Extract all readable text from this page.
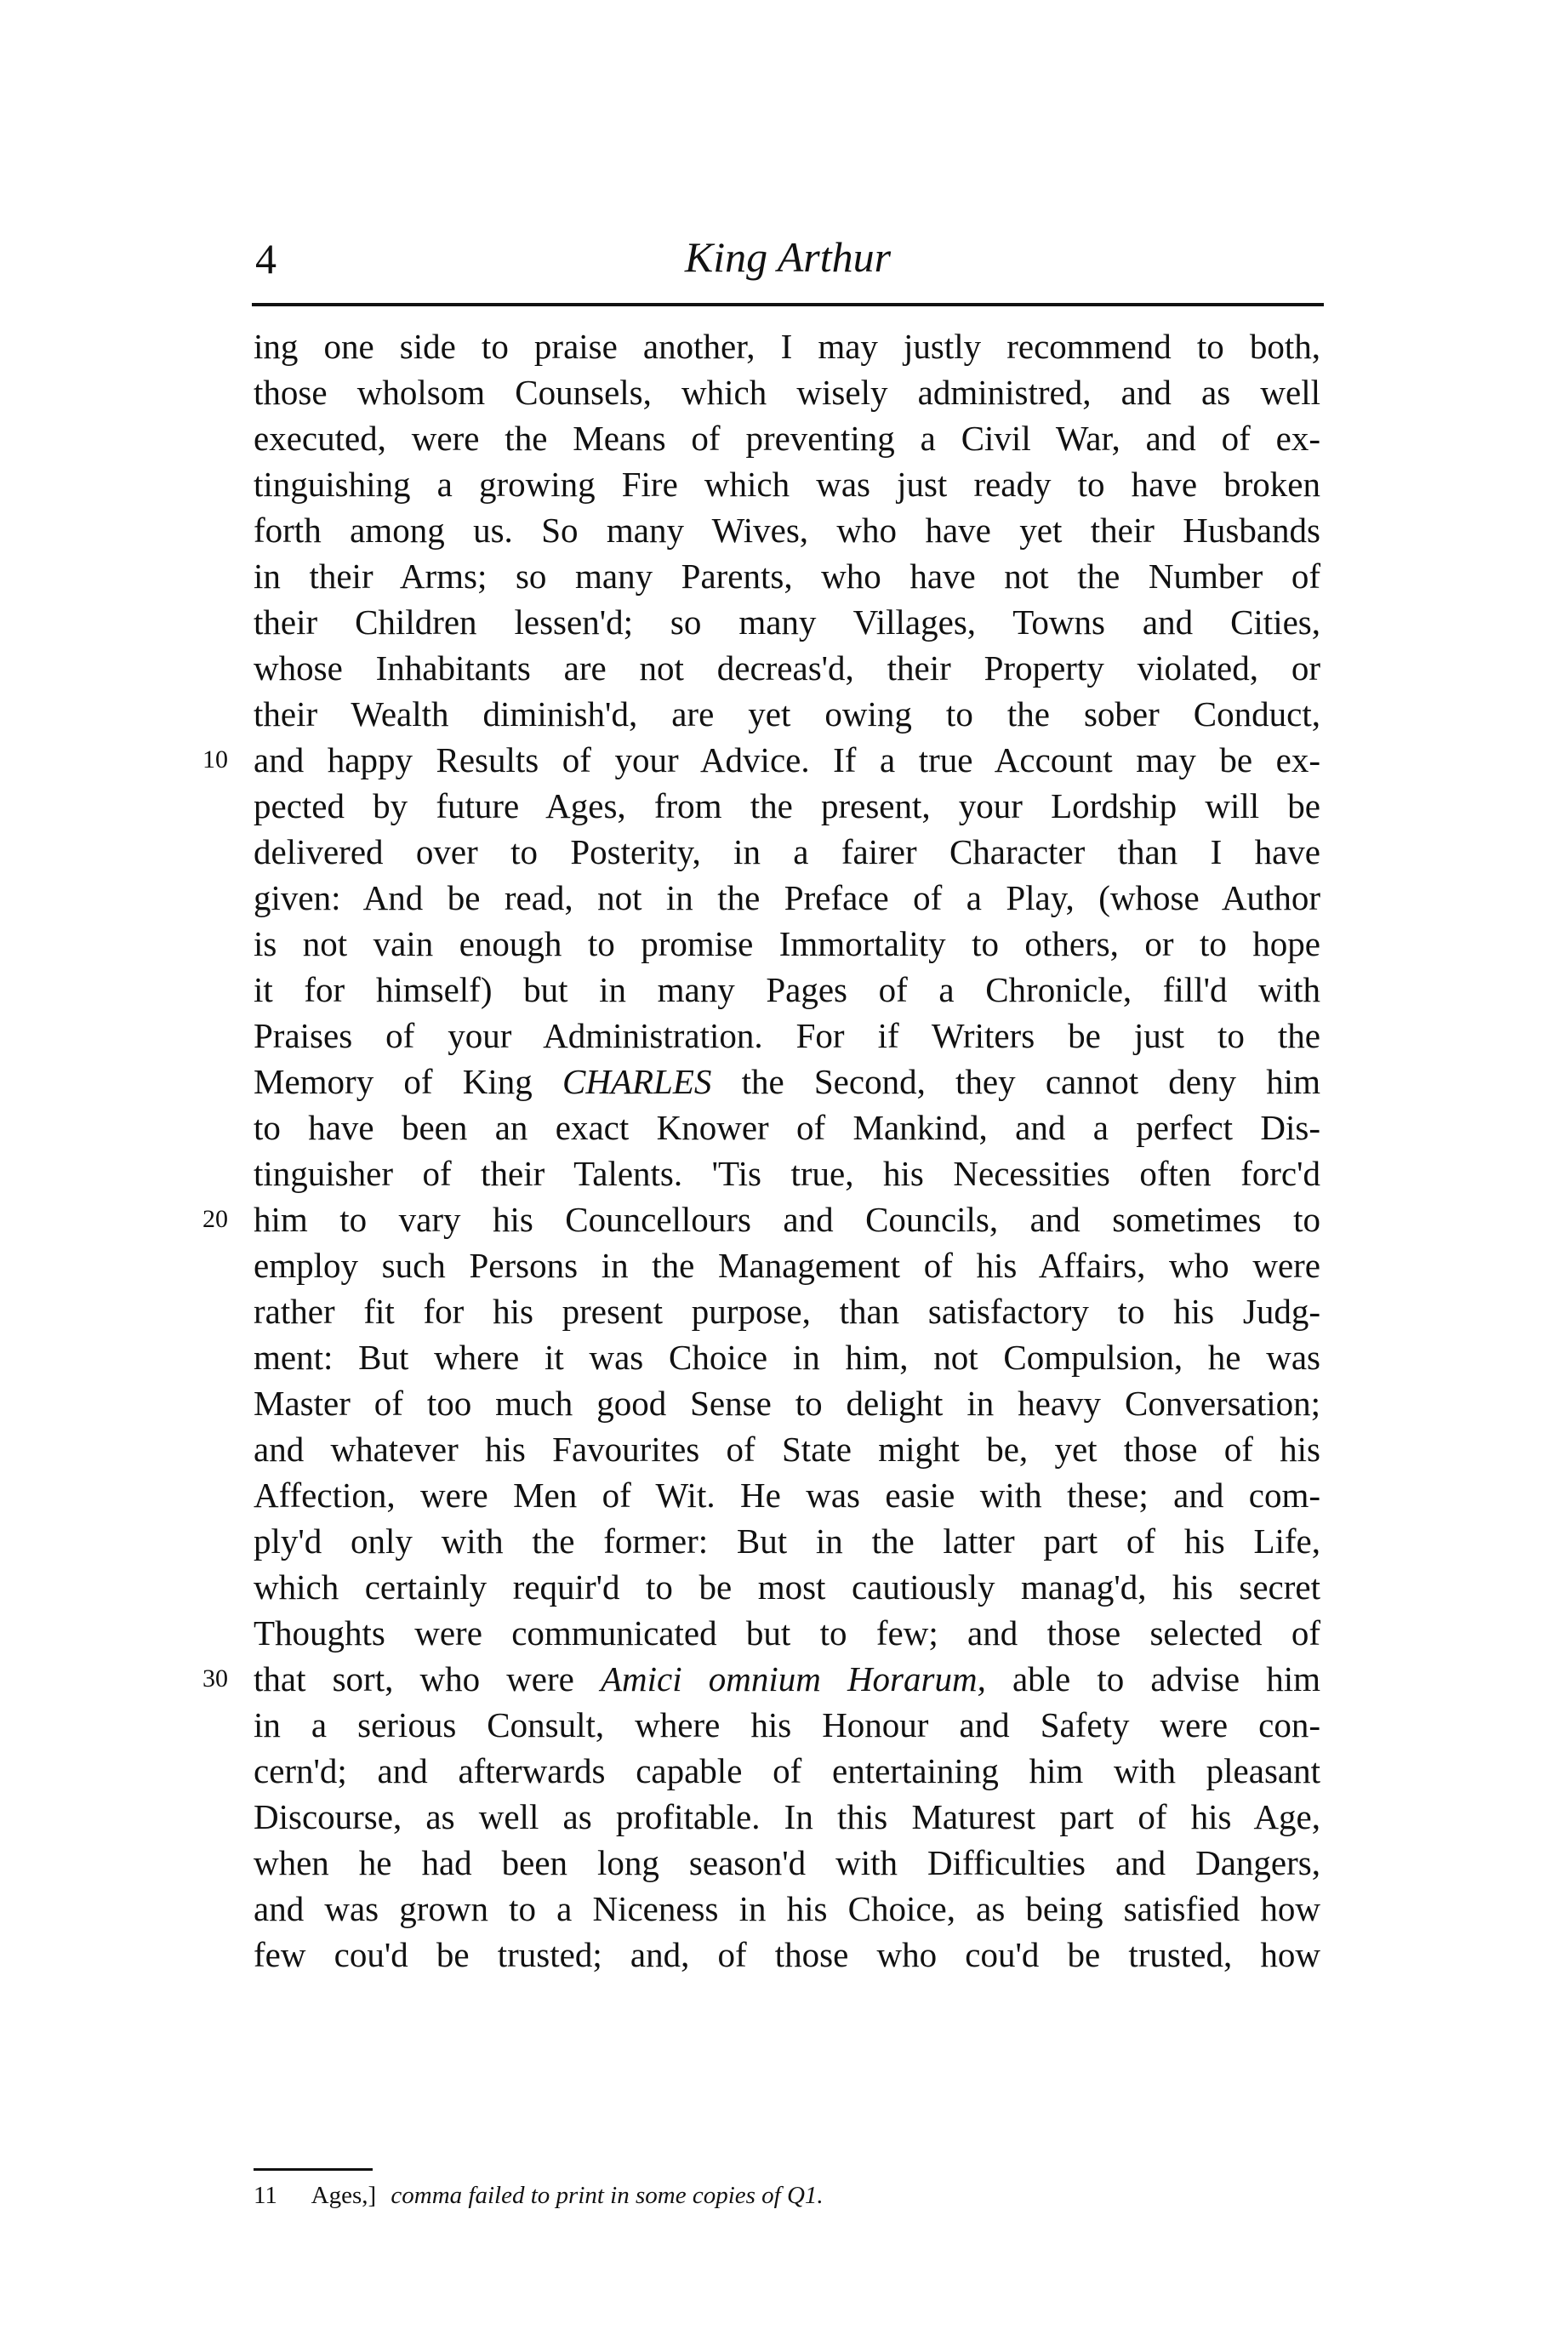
4	King Arthur
ing one side to praise another, I may justly recommend to both,
those wholsom Counsels, which wisely administred, and as well
executed, were the Means of preventing a Civil War, and of ex-
tinguishing a growing Fire which was just ready to have broken
forth among us. So many Wives, who have yet their Husbands
in their Arms; so many Parents, who have not the Number of
their Children lessen'd; so many Villages, Towns and Cities,
whose Inhabitants are not decreas'd, their Property violated, or
their Wealth diminish'd, are yet owing to the sober Conduct,
10 and happy Results of your Advice. If a true Account may be ex-
pected by future Ages, from the present, your Lordship will be
delivered over to Posterity, in a fairer Character than I have
given: And be read, not in the Preface of a Play, (whose Author
is not vain enough to promise Immortality to others, or to hope
it for himself) but in many Pages of a Chronicle, fill'd with
Praises of your Administration. For if Writers be just to the
Memory of King CHARLES the Second, they cannot deny him
to have been an exact Knower of Mankind, and a perfect Dis-
tinguisher of their Talents. 'Tis true, his Necessities often forc'd
20 him to vary his Councellours and Councils, and sometimes to
employ such Persons in the Management of his Affairs, who were
rather fit for his present purpose, than satisfactory to his Judg-
ment: But where it was Choice in him, not Compulsion, he was
Master of too much good Sense to delight in heavy Conversation;
and whatever his Favourites of State might be, yet those of his
Affection, were Men of Wit. He was easie with these; and com-
ply'd only with the former: But in the latter part of his Life,
which certainly requir'd to be most cautiously manag'd, his secret
Thoughts were communicated but to few; and those selected of
30 that sort, who were Amici omnium Horarum, able to advise him
in a serious Consult, where his Honour and Safety were con-
cern'd; and afterwards capable of entertaining him with pleasant
Discourse, as well as profitable. In this Maturest part of his Age,
when he had been long season'd with Difficulties and Dangers,
and was grown to a Niceness in his Choice, as being satisfied how
few cou'd be trusted; and, of those who cou'd be trusted, how
11 Ages,] comma failed to print in some copies of Q1.
